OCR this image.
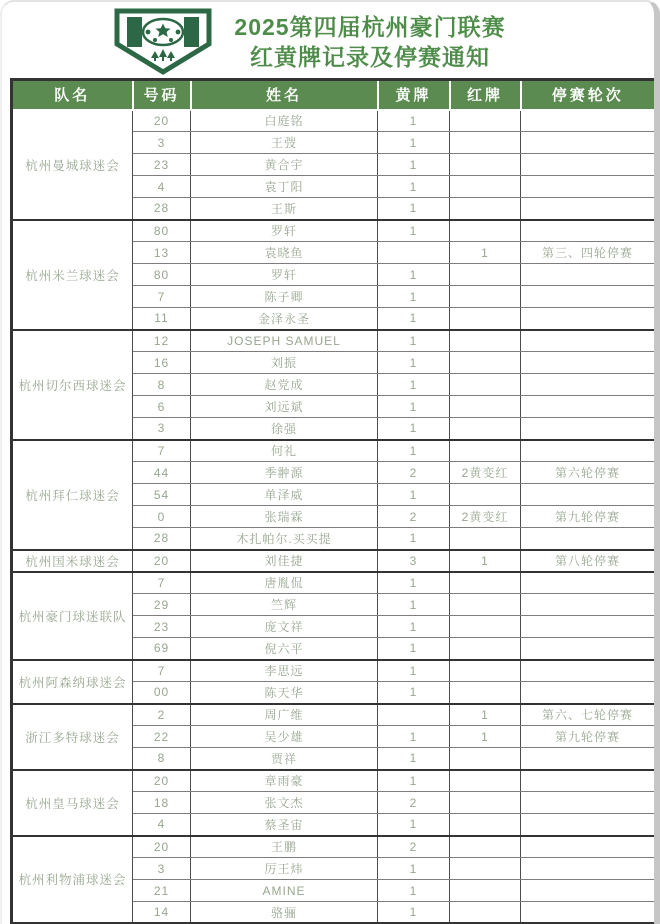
2025第四届杭州豪门联赛
红黄牌记录及停赛通知
队名	号码	姓名	黄牌	红牌	停赛轮次
杭州曼城球迷会	20	白庭铭	1		
	3	王弢	1		
	23	黄合宇	1		
	4	袁丁阳	1		
	28	王斯	1		
杭州米兰球迷会	80	罗轩	1		
	13	袁晓鱼		1	第三、四轮停赛
	80	罗轩	1		
	7	陈子卿	1		
	11	金泽永圣	1		
杭州切尔西球迷会	12	JOSEPH SAMUEL	1		
	16	刘振	1		
	8	赵党成	1		
	6	刘远斌	1		
	3	徐强	1		
杭州拜仁球迷会	7	何礼	1		
	44	季翀源	2	2黄变红	第六轮停赛
	54	单泽威	1		
	0	张瑞霖	2	2黄变红	第九轮停赛
	28	木扎帕尔.买买提	1		
杭州国米球迷会	20	刘佳捷	3	1	第八轮停赛
杭州豪门球迷联队	7	唐胤侃	1		
	29	竺辉	1		
	23	庞文祥	1		
	69	倪六平	1		
杭州阿森纳球迷会	7	李思远	1		
	00	陈天华	1		
浙江多特球迷会	2	周广维		1	第六、七轮停赛
	22	吴少雄	1	1	第九轮停赛
	8	贾祥	1		
杭州皇马球迷会	20	章雨豪	1		
	18	张文杰	2		
	4	蔡圣宙	1		
杭州利物浦球迷会	20	王鹏	2		
	3	厉王炜	1		
	21	AMINE	1		
	14	骆骊	1		
